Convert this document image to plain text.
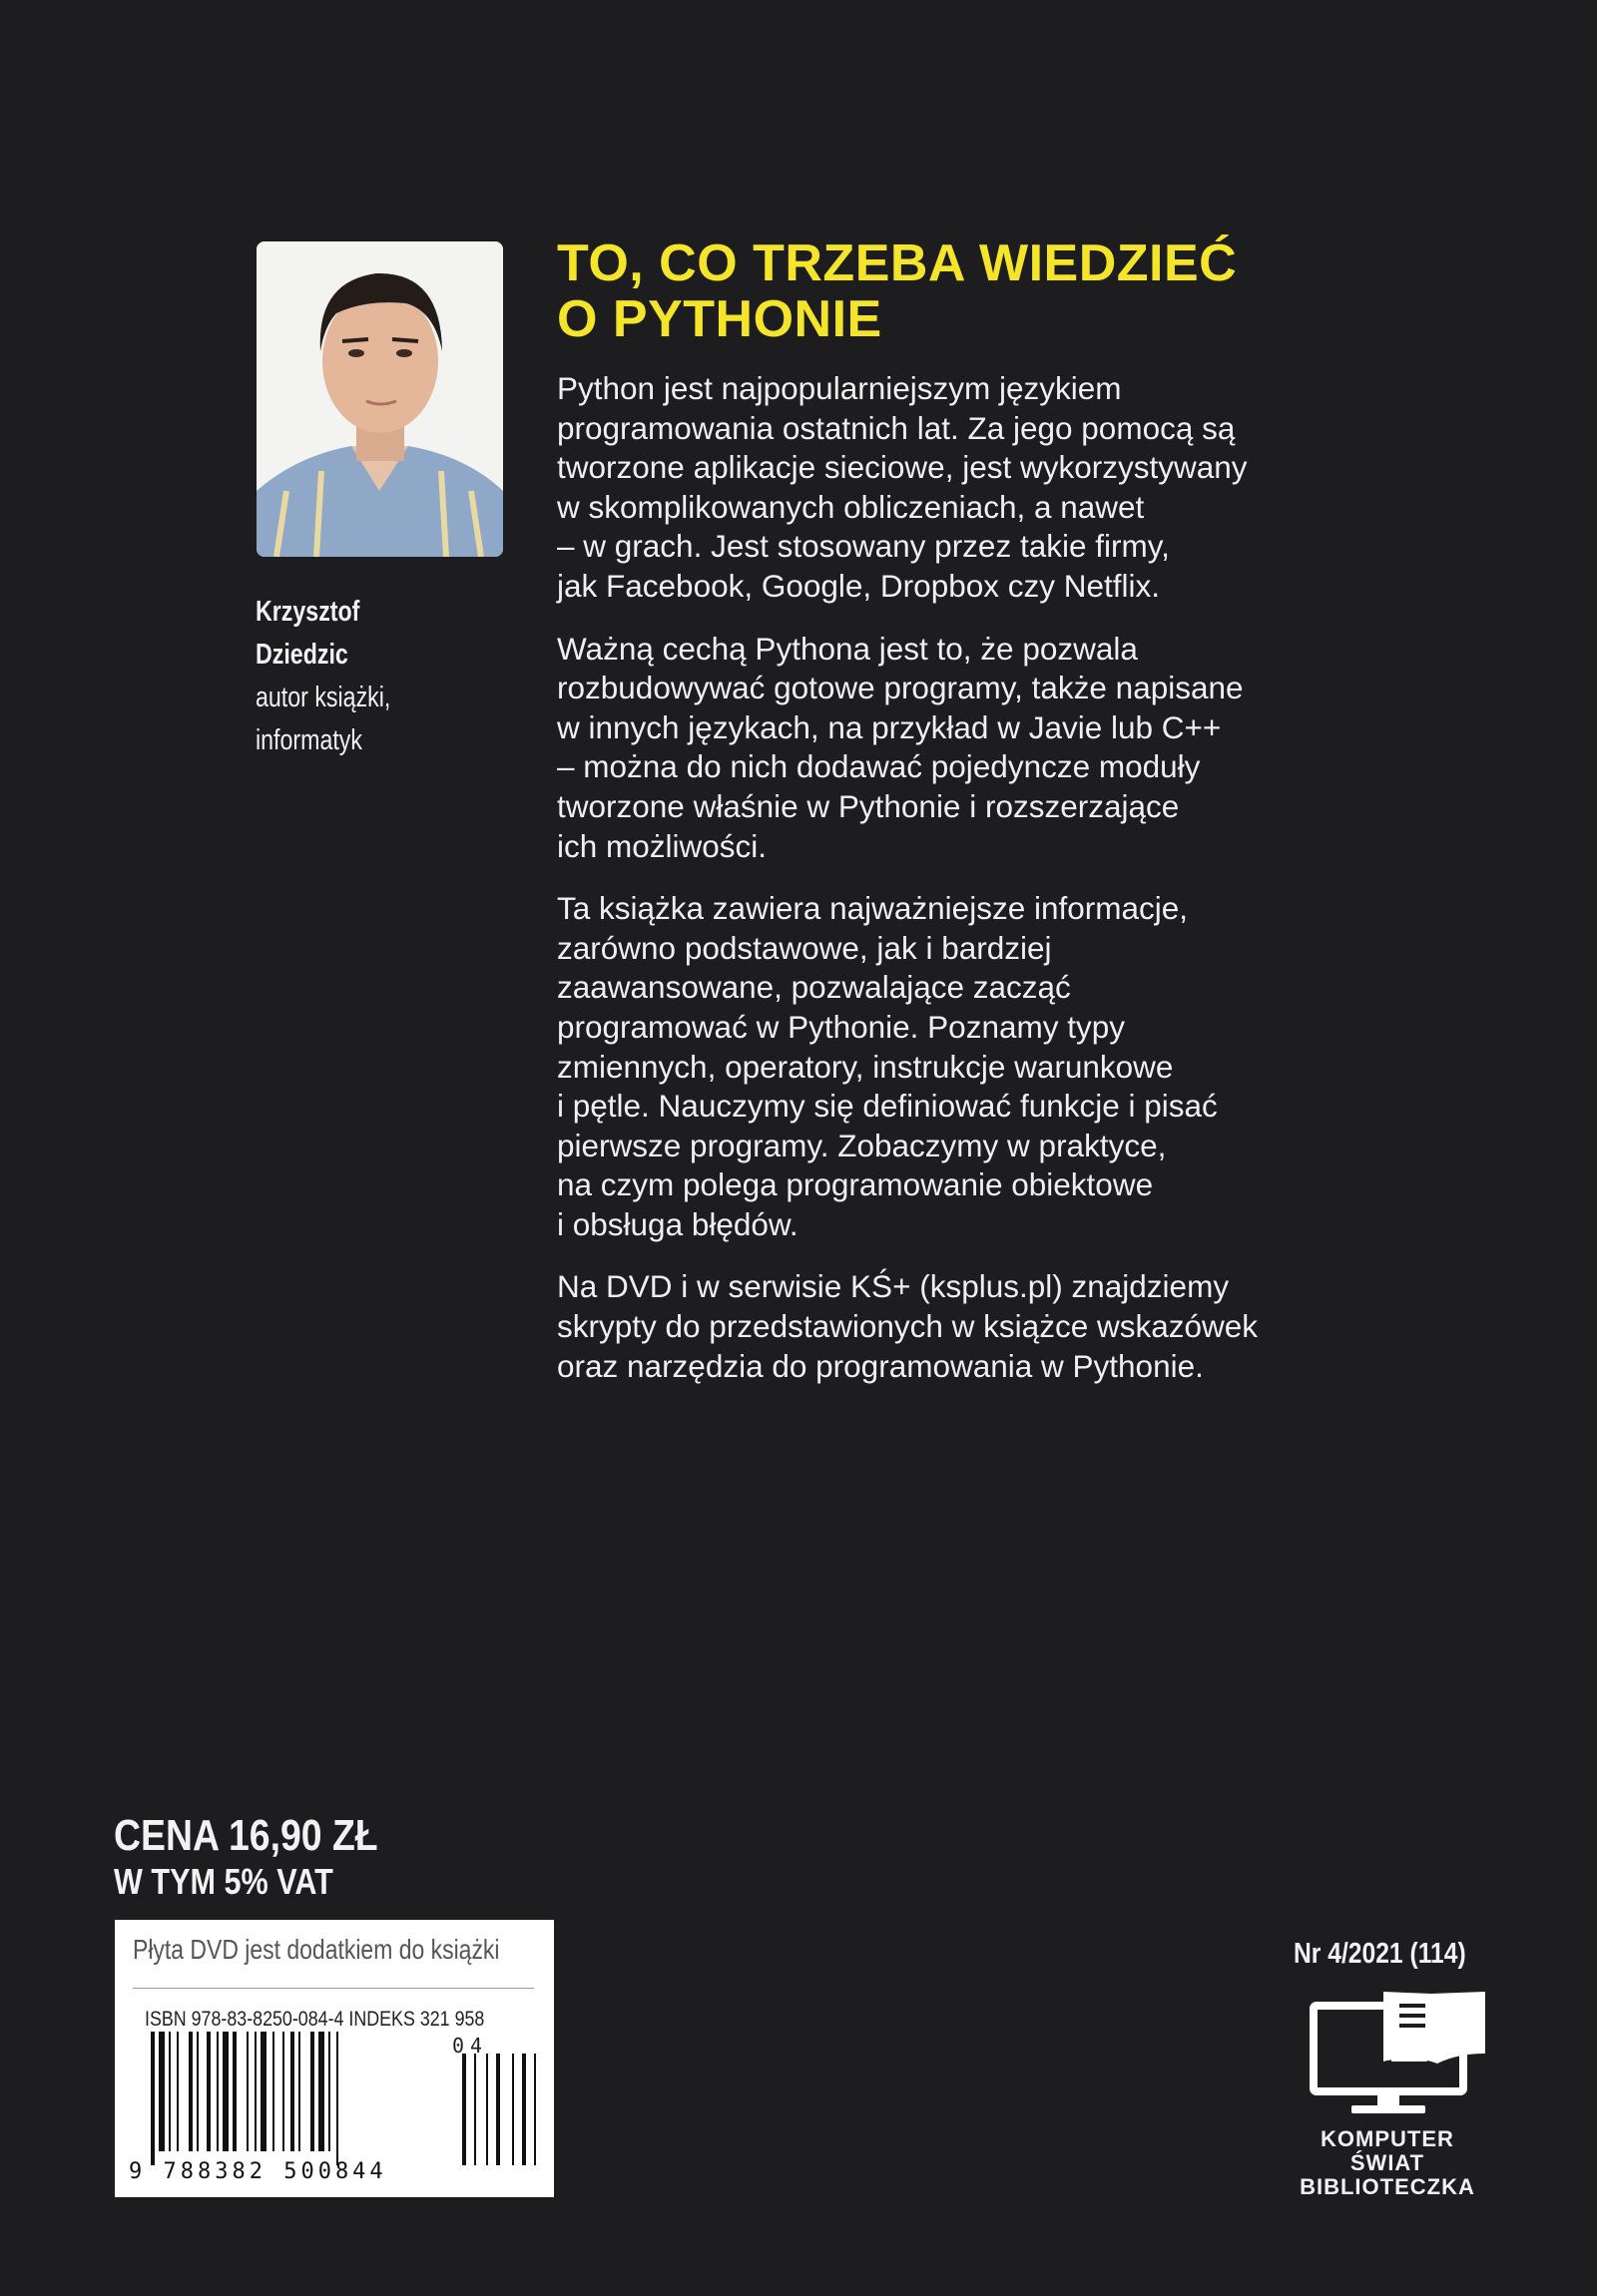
Krzysztof
Dziedzic
autor książki,
informatyk
TO, CO TRZEBA WIEDZIEĆ
O PYTHONIE

Python jest najpopularniejszym językiem
programowania ostatnich lat. Za jego pomocą są
tworzone aplikacje sieciowe, jest wykorzystywany
w skomplikowanych obliczeniach, a nawet
– w grach. Jest stosowany przez takie firmy,
jak Facebook, Google, Dropbox czy Netflix.

Ważną cechą Pythona jest to, że pozwala
rozbudowywać gotowe programy, także napisane
w innych językach, na przykład w Javie lub C++
– można do nich dodawać pojedyncze moduły
tworzone właśnie w Pythonie i rozszerzające
ich możliwości.

Ta książka zawiera najważniejsze informacje,
zarówno podstawowe, jak i bardziej
zaawansowane, pozwalające zacząć
programować w Pythonie. Poznamy typy
zmiennych, operatory, instrukcje warunkowe
i pętle. Nauczymy się definiować funkcje i pisać
pierwsze programy. Zobaczymy w praktyce,
na czym polega programowanie obiektowe
i obsługa błędów.

Na DVD i w serwisie KŚ+ (ksplus.pl) znajdziemy
skrypty do przedstawionych w książce wskazówek
oraz narzędzia do programowania w Pythonie.

CENA 16,90 ZŁ
W TYM 5% VAT
Płyta DVD jest dodatkiem do książki
ISBN 978-83-8250-084-4 INDEKS 321 958
04
9 788382 500844
Nr 4/2021 (114)
KOMPUTER
ŚWIAT
BIBLIOTECZKA
